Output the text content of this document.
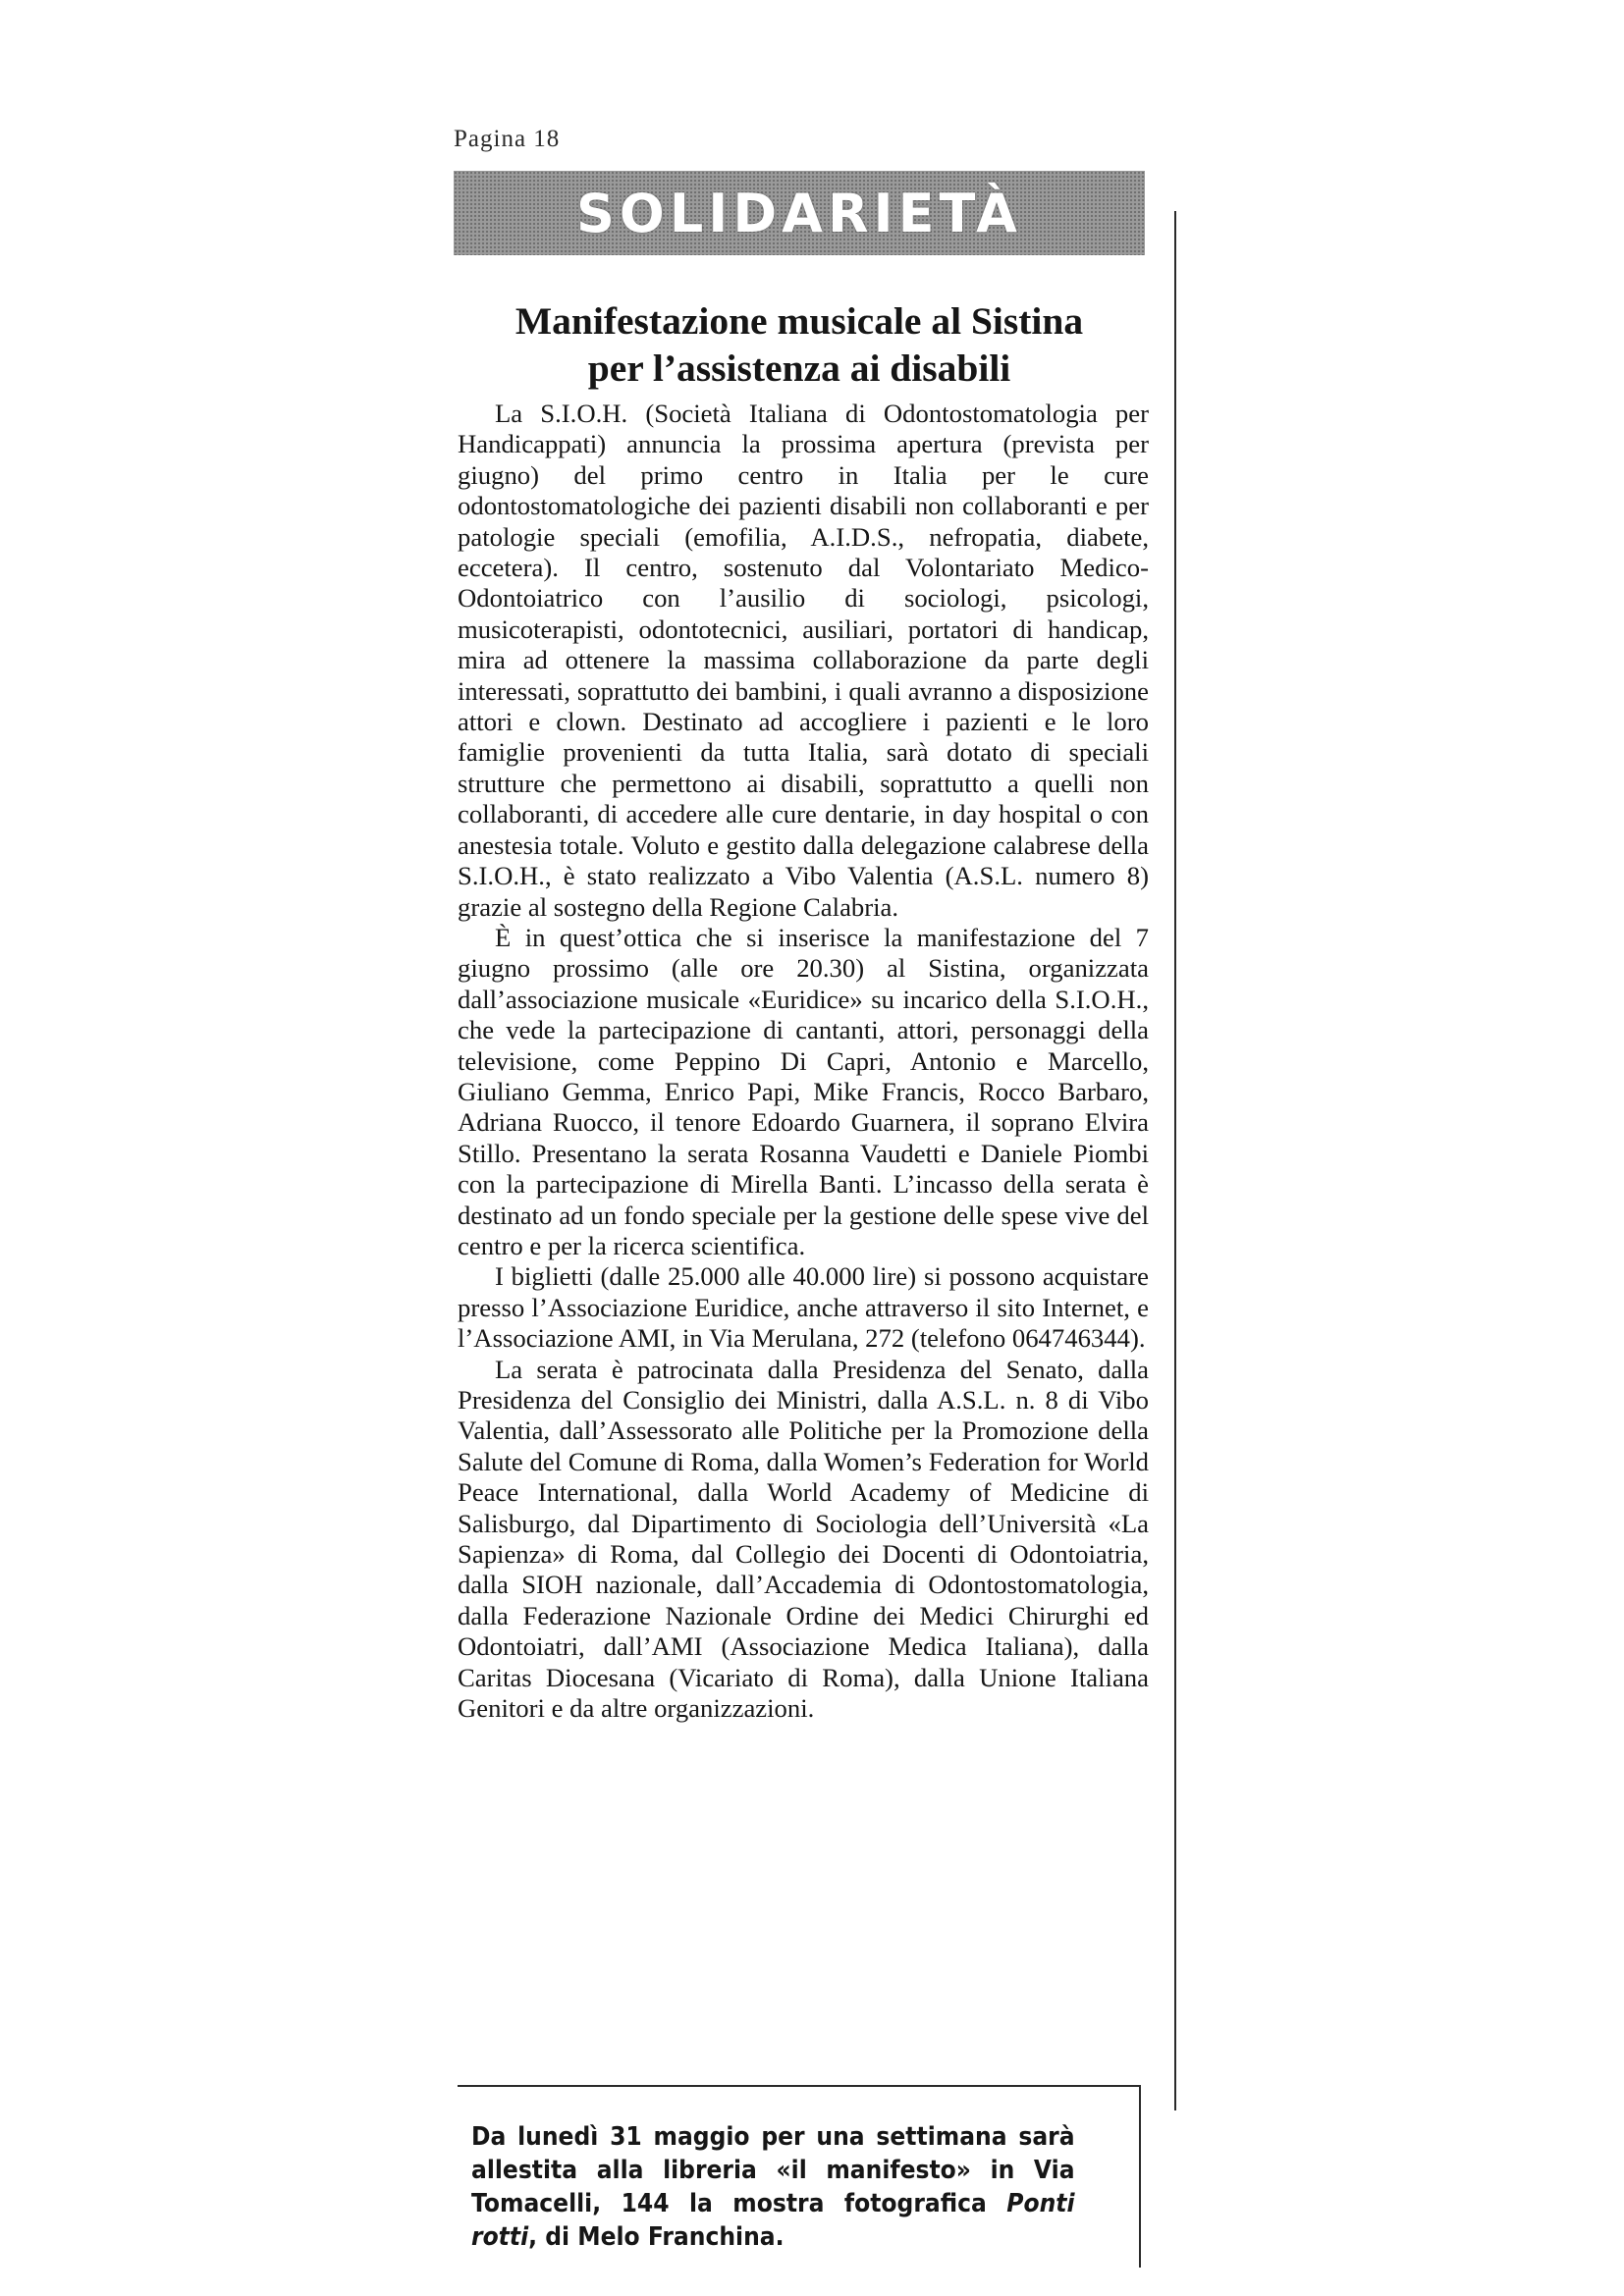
Pagina 18
SOLIDARIETÀ
Manifestazione musicale al Sistina
per l’assistenza ai disabili

La S.I.O.H. (Società Italiana di Odontostomatologia per Handicappati) annuncia la prossima apertura (prevista per giugno) del primo centro in Italia per le cure odontostomatologiche dei pazienti disabili non collaboranti e per patologie speciali (emofilia, A.I.D.S., nefropatia, diabete, eccetera). Il centro, sostenuto dal Volontariato Medico-Odontoiatrico con l’ausilio di sociologi, psicologi, musicoterapisti, odontotecnici, ausiliari, portatori di handicap, mira ad ottenere la massima collaborazione da parte degli interessati, soprattutto dei bambini, i quali avranno a disposizione attori e clown. Destinato ad accogliere i pazienti e le loro famiglie provenienti da tutta Italia, sarà dotato di speciali strutture che permettono ai disabili, soprattutto a quelli non collaboranti, di accedere alle cure dentarie, in day hospital o con anestesia totale. Voluto e gestito dalla delegazione calabrese della S.I.O.H., è stato realizzato a Vibo Valentia (A.S.L. numero 8) grazie al sostegno della Regione Calabria.

È in quest’ottica che si inserisce la manifestazione del 7 giugno prossimo (alle ore 20.30) al Sistina, organizzata dall’associazione musicale «Euridice» su incarico della S.I.O.H., che vede la partecipazione di cantanti, attori, personaggi della televisione, come Peppino Di Capri, Antonio e Marcello, Giuliano Gemma, Enrico Papi, Mike Francis, Rocco Barbaro, Adriana Ruocco, il tenore Edoardo Guarnera, il soprano Elvira Stillo. Presentano la serata Rosanna Vaudetti e Daniele Piombi con la partecipazione di Mirella Banti. L’incasso della serata è destinato ad un fondo speciale per la gestione delle spese vive del centro e per la ricerca scientifica.

I biglietti (dalle 25.000 alle 40.000 lire) si possono acquistare presso l’Associazione Euridice, anche attraverso il sito Internet, e l’Associazione AMI, in Via Merulana, 272 (telefono 064746344).

La serata è patrocinata dalla Presidenza del Senato, dalla Presidenza del Consiglio dei Ministri, dalla A.S.L. n. 8 di Vibo Valentia, dall’Assessorato alle Politiche per la Promozione della Salute del Comune di Roma, dalla Women’s Federation for World Peace International, dalla World Academy of Medicine di Salisburgo, dal Dipartimento di Sociologia dell’Università «La Sapienza» di Roma, dal Collegio dei Docenti di Odontoiatria, dalla SIOH nazionale, dall’Accademia di Odontostomatologia, dalla Federazione Nazionale Ordine dei Medici Chirurghi ed Odontoiatri, dall’AMI (Associazione Medica Italiana), dalla Caritas Diocesana (Vicariato di Roma), dalla Unione Italiana Genitori e da altre organizzazioni.

Da lunedì 31 maggio per una settimana sarà allestita alla libreria «il manifesto» in Via Tomacelli, 144 la mostra fotografica Ponti rotti, di Melo Franchina.
